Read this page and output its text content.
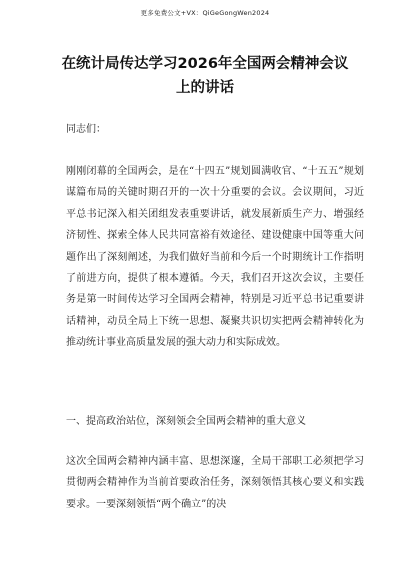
更多免费公文+VX：QiGeGongWen2024
在统计局传达学习2026年全国两会精神会议上的讲话
同志们：
刚刚闭幕的全国两会，是在“十四五”规划圆满收官、“十五五”规划谋篇布局的关键时期召开的一次十分重要的会议。会议期间，习近平总书记深入相关团组发表重要讲话，就发展新质生产力、增强经济韧性、探索全体人民共同富裕有效途径、建设健康中国等重大问题作出了深刻阐述，为我们做好当前和今后一个时期统计工作指明了前进方向，提供了根本遵循。今天，我们召开这次会议，主要任务是第一时间传达学习全国两会精神，特别是习近平总书记重要讲话精神，动员全局上下统一思想、凝聚共识切实把两会精神转化为推动统计事业高质量发展的强大动力和实际成效。
一、提高政治站位，深刻领会全国两会精神的重大意义
这次全国两会精神内涵丰富、思想深邃，全局干部职工必须把学习贯彻两会精神作为当前首要政治任务，深刻领悟其核心要义和实践要求。一要深刻领悟“两个确立”的决
